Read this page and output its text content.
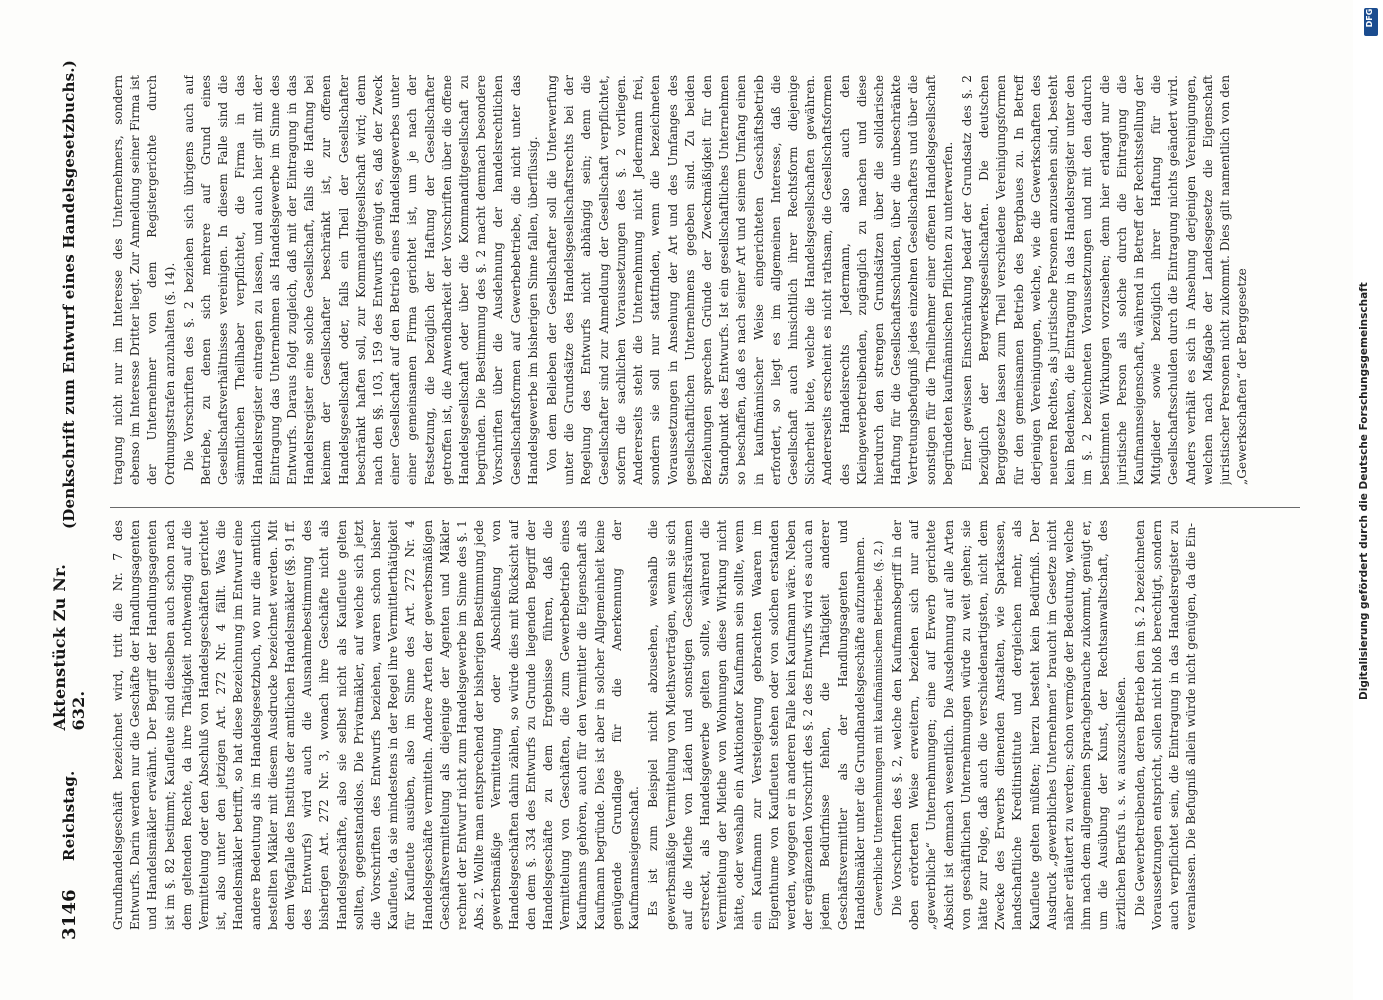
3146
Reichstag.
Aktenstück Zu Nr. 632.
(Denkschrift zum Entwurf eines Handelsgesetzbuchs.)

Grundhandelsgeschäft bezeichnet wird, tritt die Nr. 7 des Entwurfs. Darin werden nur die Geschäfte der Handlungsagenten und Handelsmäkler erwähnt. Der Begriff der Handlungsagenten ist im §. 82 bestimmt; Kaufleute sind dieselben auch schon nach dem geltenden Rechte, da ihre Thätigkeit nothwendig auf die Vermittelung oder den Abschluß von Handelsgeschäften gerichtet ist, also unter den jetzigen Art. 272 Nr. 4 fällt. Was die Handelsmäkler betrifft, so hat diese Bezeichnung im Entwurf eine andere Bedeutung als im Handelsgesetzbuch, wo nur die amtlich bestellten Mäkler mit diesem Ausdrucke bezeichnet werden. Mit dem Wegfalle des Instituts der amtlichen Handelsmäkler (§§. 91 ff. des Entwurfs) wird auch die Ausnahmebestimmung des bisherigen Art. 272 Nr. 3, wonach ihre Geschäfte nicht als Handelsgeschäfte, also sie selbst nicht als Kaufleute gelten sollten, gegenstandslos. Die Privatmäkler, auf welche sich jetzt die Vorschriften des Entwurfs beziehen, waren schon bisher Kaufleute, da sie mindestens in der Regel ihre Vermittlerthätigkeit für Kaufleute ausüben, also im Sinne des Art. 272 Nr. 4 Handelsgeschäfte vermitteln. Andere Arten der gewerbsmäßigen Geschäftsvermittelung als diejenige der Agenten und Mäkler rechnet der Entwurf nicht zum Handelsgewerbe im Sinne des §. 1 Abs. 2. Wollte man entsprechend der bisherigen Bestimmung jede gewerbsmäßige Vermittelung oder Abschließung von Handelsgeschäften dahin zählen, so würde dies mit Rücksicht auf den dem §. 334 des Entwurfs zu Grunde liegenden Begriff der Handelsgeschäfte zu dem Ergebnisse führen, daß die Vermittelung von Geschäften, die zum Gewerbebetrieb eines Kaufmanns gehören, auch für den Vermittler die Eigenschaft als Kaufmann begründe. Dies ist aber in solcher Allgemeinheit keine genügende Grundlage für die Anerkennung der Kaufmannseigenschaft. Es ist zum Beispiel nicht abzusehen, weshalb die gewerbsmäßige Vermittelung von Miethsverträgen, wenn sie sich auf die Miethe von Läden und sonstigen Geschäftsräumen erstreckt, als Handelsgewerbe gelten sollte, während die Vermittelung der Miethe von Wohnungen diese Wirkung nicht hätte, oder weshalb ein Auktionator Kaufmann sein sollte, wenn ein Kaufmann zur Versteigerung gebrachten Waaren im Eigenthume von Kaufleuten stehen oder von solchen erstanden werden, wogegen er in anderen Falle kein Kaufmann wäre. Neben der ergänzenden Vorschrift des §. 2 des Entwurfs wird es auch an jedem Bedürfnisse fehlen, die Thätigkeit anderer Geschäftsvermittler als der Handlungsagenten und Handelsmäkler unter die Grundhandelsgeschäfte aufzunehmen. Gewerbliche Unternehmungen mit kaufmännischem Betriebe. (§. 2.) Die Vorschriften des §. 2, welche den Kaufmannsbegriff in der oben erörterten Weise erweitern, beziehen sich nur auf „gewerbliche“ Unternehmungen; eine auf Erwerb gerichtete Absicht ist demnach wesentlich. Die Ausdehnung auf alle Arten von geschäftlichen Unternehmungen würde zu weit gehen; sie hätte zur Folge, daß auch die verschiedenartigsten, nicht dem Zwecke des Erwerbs dienenden Anstalten, wie Sparkassen, landschaftliche Kreditinstitute und dergleichen mehr, als Kaufleute gelten müßten; hierzu besteht kein Bedürfniß. Der Ausdruck „gewerbliches Unternehmen“ braucht im Gesetze nicht näher erläutert zu werden; schon vermöge der Bedeutung, welche ihm nach dem allgemeinen Sprachgebrauche zukommt, genügt er, um die Ausübung der Kunst, der Rechtsanwaltschaft, des ärztlichen Berufs u. s. w. auszuschließen. Die Gewerbetreibenden, deren Betrieb den im §. 2 bezeichneten Voraussetzungen entspricht, sollen nicht bloß berechtigt, sondern auch verpflichtet sein, die Eintragung in das Handelsregister zu veranlassen. Die Befugniß allein würde nicht genügen, da die Ein-

tragung nicht nur im Interesse des Unternehmers, sondern ebenso im Interesse Dritter liegt. Zur Anmeldung seiner Firma ist der Unternehmer von dem Registergerichte durch Ordnungsstrafen anzuhalten (§. 14). Die Vorschriften des §. 2 beziehen sich übrigens auch auf Betriebe, zu denen sich mehrere auf Grund eines Gesellschaftsverhältnisses vereinigen. In diesem Falle sind die sämmtlichen Theilhaber verpflichtet, die Firma in das Handelsregister eintragen zu lassen, und auch hier gilt mit der Eintragung das Unternehmen als Handelsgewerbe im Sinne des Entwurfs. Daraus folgt zugleich, daß mit der Eintragung in das Handelsregister eine solche Gesellschaft, falls die Haftung bei keinem der Gesellschafter beschränkt ist, zur offenen Handelsgesellschaft oder, falls ein Theil der Gesellschafter beschränkt haften soll, zur Kommanditgesellschaft wird; denn nach den §§. 103, 159 des Entwurfs genügt es, daß der Zweck einer Gesellschaft auf den Betrieb eines Handelsgewerbes unter einer gemeinsamen Firma gerichtet ist, um je nach der Festsetzung, die bezüglich der Haftung der Gesellschafter getroffen ist, die Anwendbarkeit der Vorschriften über die offene Handelsgesellschaft oder über die Kommanditgesellschaft zu begründen. Die Bestimmung des §. 2 macht demnach besondere Vorschriften über die Ausdehnung der handelsrechtlichen Gesellschaftsformen auf Gewerbebetriebe, die nicht unter das Handelsgewerbe im bisherigen Sinne fallen, überflüssig. Von dem Belieben der Gesellschafter soll die Unterwerfung unter die Grundsätze des Handelsgesellschaftsrechts bei der Regelung des Entwurfs nicht abhängig sein; denn die Gesellschafter sind zur Anmeldung der Gesellschaft verpflichtet, sofern die sachlichen Voraussetzungen des §. 2 vorliegen. Andererseits steht die Unternehmung nicht Jedermann frei, sondern sie soll nur stattfinden, wenn die bezeichneten Voraussetzungen in Ansehung der Art und des Umfanges des gesellschaftlichen Unternehmens gegeben sind. Zu beiden Beziehungen sprechen Gründe der Zweckmäßigkeit für den Standpunkt des Entwurfs. Ist ein gesellschaftliches Unternehmen so beschaffen, daß es nach seiner Art und seinem Umfang einen in kaufmännischer Weise eingerichteten Geschäftsbetrieb erfordert, so liegt es im allgemeinen Interesse, daß die Gesellschaft auch hinsichtlich ihrer Rechtsform diejenige Sicherheit biete, welche die Handelsgesellschaften gewähren. Andererseits erscheint es nicht rathsam, die Gesellschaftsformen des Handelsrechts Jedermann, also auch den Kleingewerbetreibenden, zugänglich zu machen und diese hierdurch den strengen Grundsätzen über die solidarische Haftung für die Gesellschaftsschulden, über die unbeschränkte Vertretungsbefugniß jedes einzelnen Gesellschafters und über die sonstigen für die Theilnehmer einer offenen Handelsgesellschaft begründeten kaufmännischen Pflichten zu unterwerfen. Einer gewissen Einschränkung bedarf der Grundsatz des §. 2 bezüglich der Bergwerksgesellschaften. Die deutschen Berggesetze lassen zum Theil verschiedene Vereinigungsformen für den gemeinsamen Betrieb des Bergbaues zu. In Betreff derjenigen Vereinigungen, welche, wie die Gewerkschaften des neueren Rechtes, als juristische Personen anzusehen sind, besteht kein Bedenken, die Eintragung in das Handelsregister unter den im §. 2 bezeichneten Voraussetzungen und mit den dadurch bestimmten Wirkungen vorzusehen; denn hier erlangt nur die juristische Person als solche durch die Eintragung die Kaufmannseigenschaft, während in Betreff der Rechtsstellung der Mitglieder sowie bezüglich ihrer Haftung für die Gesellschaftsschulden durch die Eintragung nichts geändert wird. Anders verhält es sich in Ansehung derjenigen Vereinigungen, welchen nach Maßgabe der Landesgesetze die Eigenschaft juristischer Personen nicht zukommt. Dies gilt namentlich von den „Gewerkschaften“ der Berggesetze	Digitalisierung gefördert durch die Deutsche Forschungsgemeinschaft
DFG
